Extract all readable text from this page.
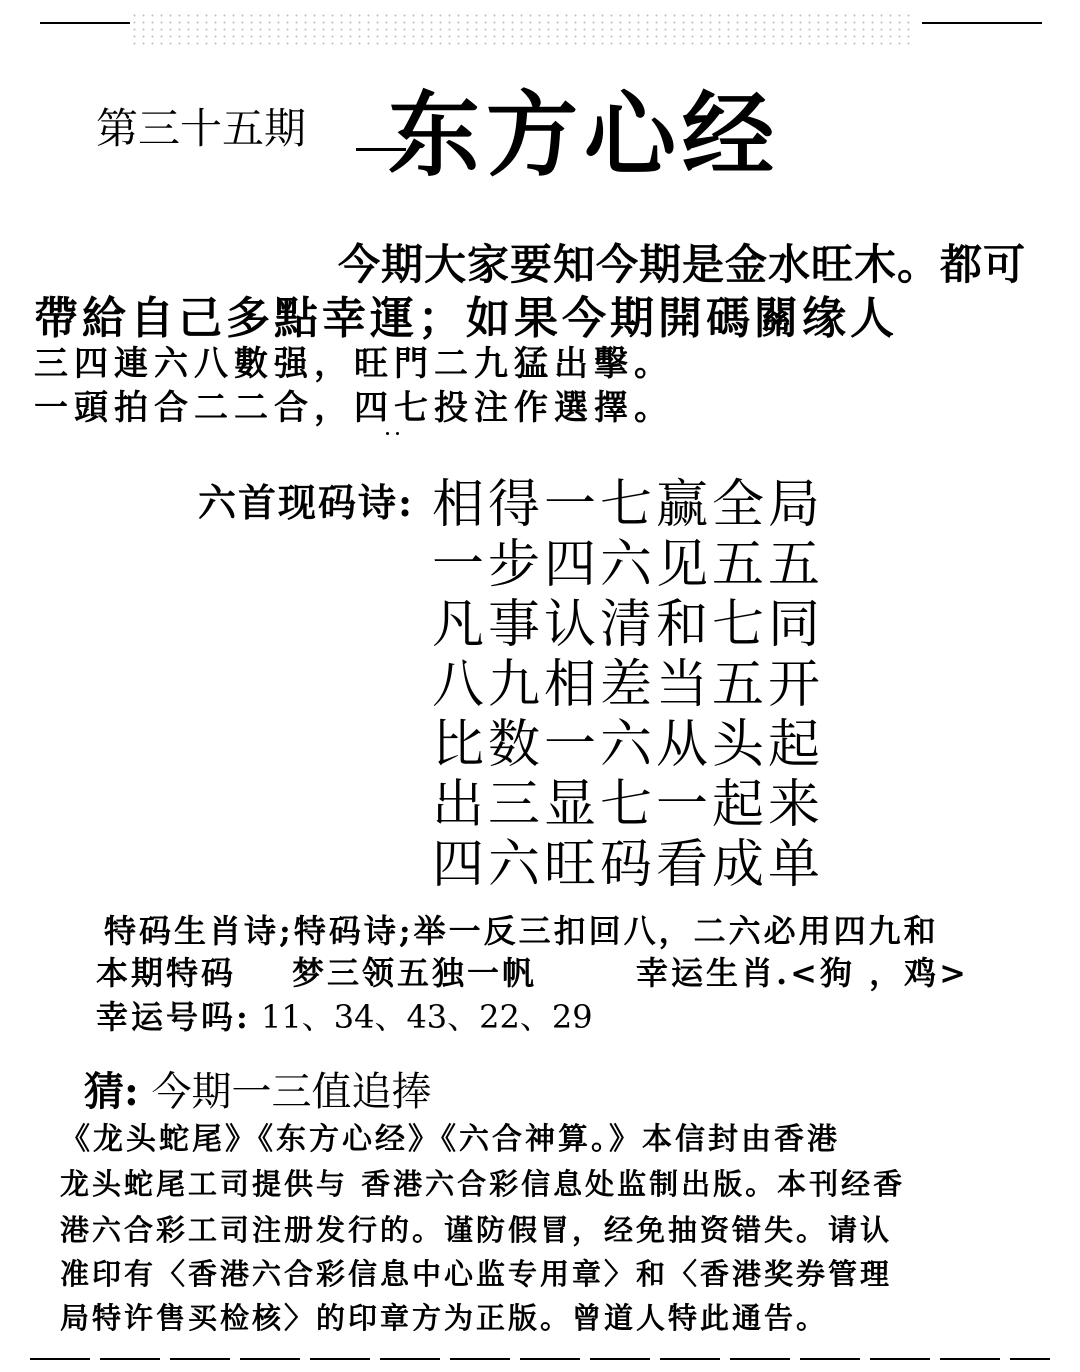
第三十五期 东方心经
今期大家要知今期是金水旺木。都可
帶給自己多點幸運；如果今期開碼關缘人
三四連六八數强，旺門二九猛出擊。
一頭拍合二二合，四七投注作選擇。
六首现码诗: 相得一七赢全局
一步四六见五五
凡事认清和七同
八九相差当五开
比数一六从头起
出三显七一起来
四六旺码看成单
特码生肖诗;特码诗;举一反三扣回八，二六必用四九和
本期特码 梦三领五独一帆	幸运生肖.<狗 ，鸡>
幸运号吗: 11、34、43、22、29
猜: 今期一三值追捧
《龙头蛇尾》《东方心经》《六合神算。》本信封由香港
龙头蛇尾工司提供与 香港六合彩信息处监制出版。本刊经香
港六合彩工司注册发行的。谨防假冒，经免抽资错失。请认
准印有〈香港六合彩信息中心监专用章〉和〈香港奖券管理
局特许售买检核〉的印章方为正版。曾道人特此通告。
